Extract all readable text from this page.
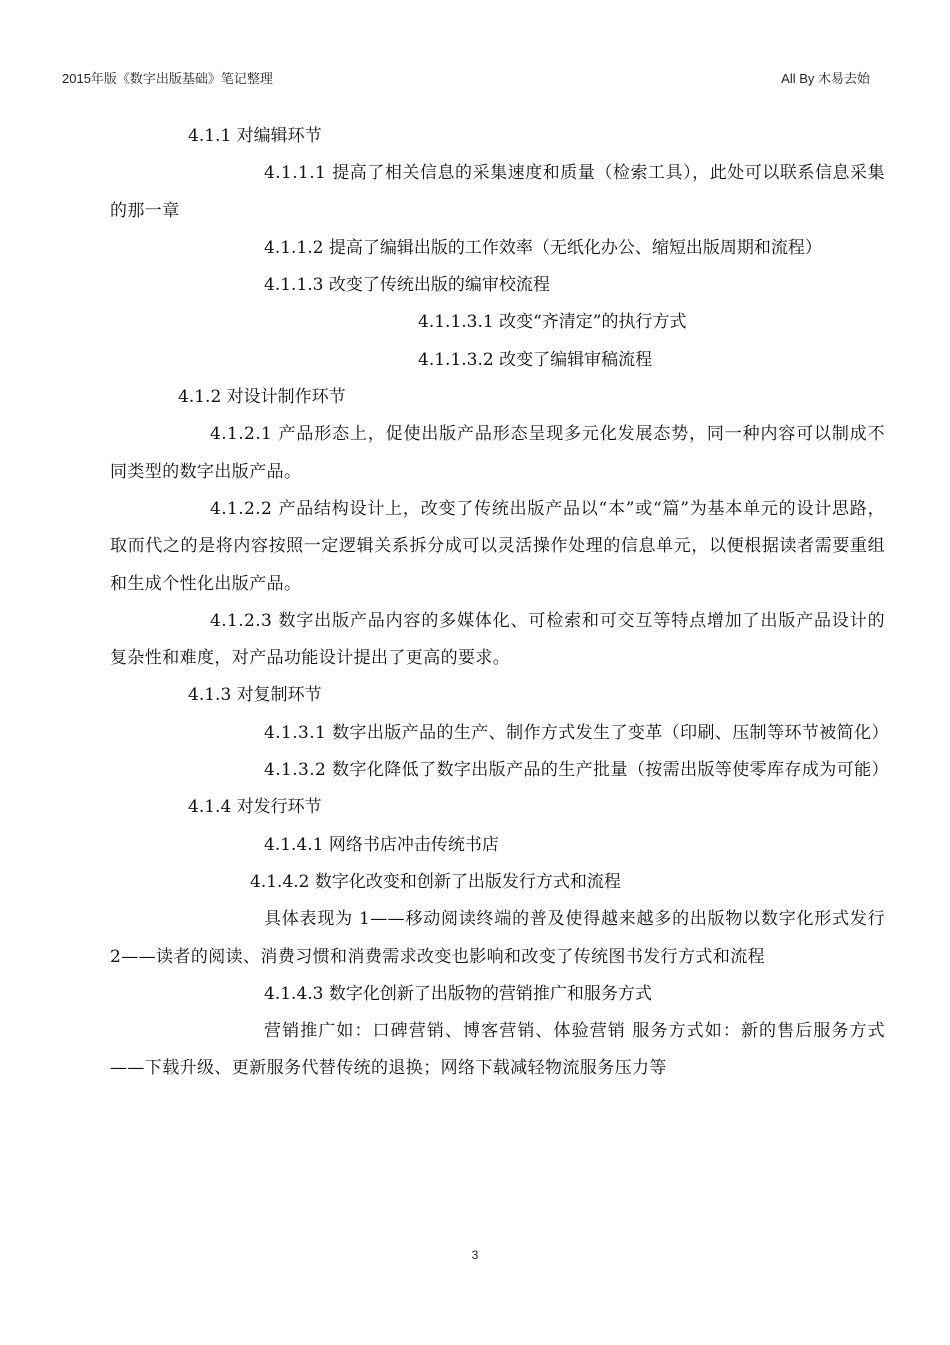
2015年版《数字出版基础》笔记整理	All By 木易去始

4.1.1 对编辑环节

4.1.1.1 提高了相关信息的采集速度和质量（检索工具），此处可以联系信息采集的那一章

4.1.1.2 提高了编辑出版的工作效率（无纸化办公、缩短出版周期和流程）

4.1.1.3 改变了传统出版的编审校流程

4.1.1.3.1 改变“齐清定”的执行方式

4.1.1.3.2 改变了编辑审稿流程

4.1.2 对设计制作环节

4.1.2.1 产品形态上，促使出版产品形态呈现多元化发展态势，同一种内容可以制成不同类型的数字出版产品。

4.1.2.2 产品结构设计上，改变了传统出版产品以“本”或“篇”为基本单元的设计思路，取而代之的是将内容按照一定逻辑关系拆分成可以灵活操作处理的信息单元，以便根据读者需要重组和生成个性化出版产品。

4.1.2.3 数字出版产品内容的多媒体化、可检索和可交互等特点增加了出版产品设计的复杂性和难度，对产品功能设计提出了更高的要求。

4.1.3 对复制环节

4.1.3.1 数字出版产品的生产、制作方式发生了变革（印刷、压制等环节被简化）

4.1.3.2 数字化降低了数字出版产品的生产批量（按需出版等使零库存成为可能）

4.1.4 对发行环节

4.1.4.1 网络书店冲击传统书店

4.1.4.2 数字化改变和创新了出版发行方式和流程

具体表现为 1——移动阅读终端的普及使得越来越多的出版物以数字化形式发行 2——读者的阅读、消费习惯和消费需求改变也影响和改变了传统图书发行方式和流程

4.1.4.3 数字化创新了出版物的营销推广和服务方式

营销推广如：口碑营销、博客营销、体验营销 服务方式如：新的售后服务方式——下载升级、更新服务代替传统的退换；网络下载减轻物流服务压力等

3
